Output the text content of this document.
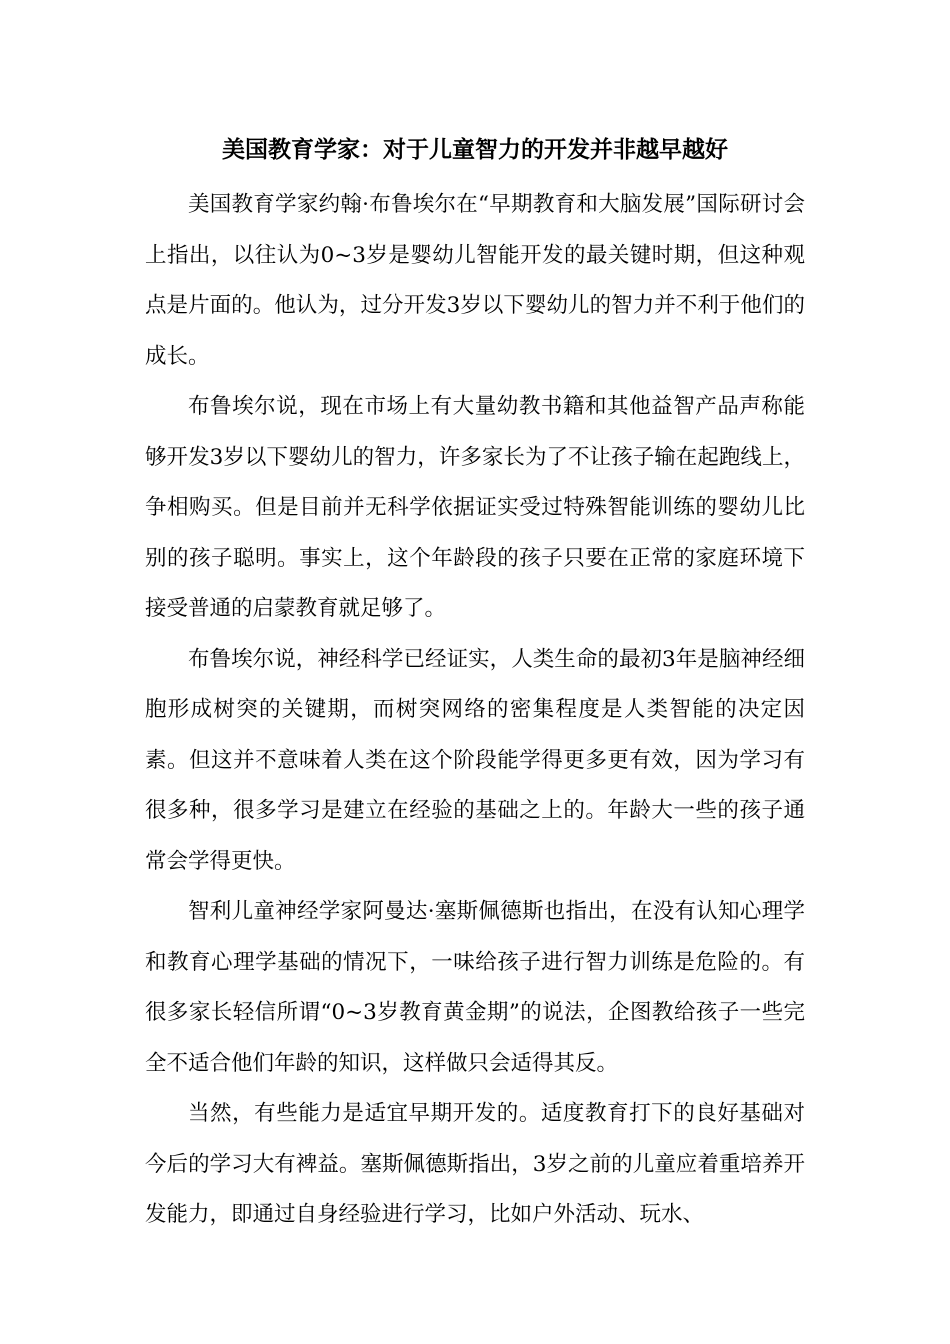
美国教育学家：对于儿童智力的开发并非越早越好

美国教育学家约翰·布鲁埃尔在“早期教育和大脑发展”国际研讨会上指出，以往认为0~3岁是婴幼儿智能开发的最关键时期，但这种观点是片面的。他认为，过分开发3岁以下婴幼儿的智力并不利于他们的成长。

布鲁埃尔说，现在市场上有大量幼教书籍和其他益智产品声称能够开发3岁以下婴幼儿的智力，许多家长为了不让孩子输在起跑线上，争相购买。但是目前并无科学依据证实受过特殊智能训练的婴幼儿比别的孩子聪明。事实上，这个年龄段的孩子只要在正常的家庭环境下接受普通的启蒙教育就足够了。

布鲁埃尔说，神经科学已经证实，人类生命的最初3年是脑神经细胞形成树突的关键期，而树突网络的密集程度是人类智能的决定因素。但这并不意味着人类在这个阶段能学得更多更有效，因为学习有很多种，很多学习是建立在经验的基础之上的。年龄大一些的孩子通常会学得更快。

智利儿童神经学家阿曼达·塞斯佩德斯也指出，在没有认知心理学和教育心理学基础的情况下，一味给孩子进行智力训练是危险的。有很多家长轻信所谓“0~3岁教育黄金期”的说法，企图教给孩子一些完全不适合他们年龄的知识，这样做只会适得其反。

当然，有些能力是适宜早期开发的。适度教育打下的良好基础对今后的学习大有裨益。塞斯佩德斯指出，3岁之前的儿童应着重培养开发能力，即通过自身经验进行学习，比如户外活动、玩水、
